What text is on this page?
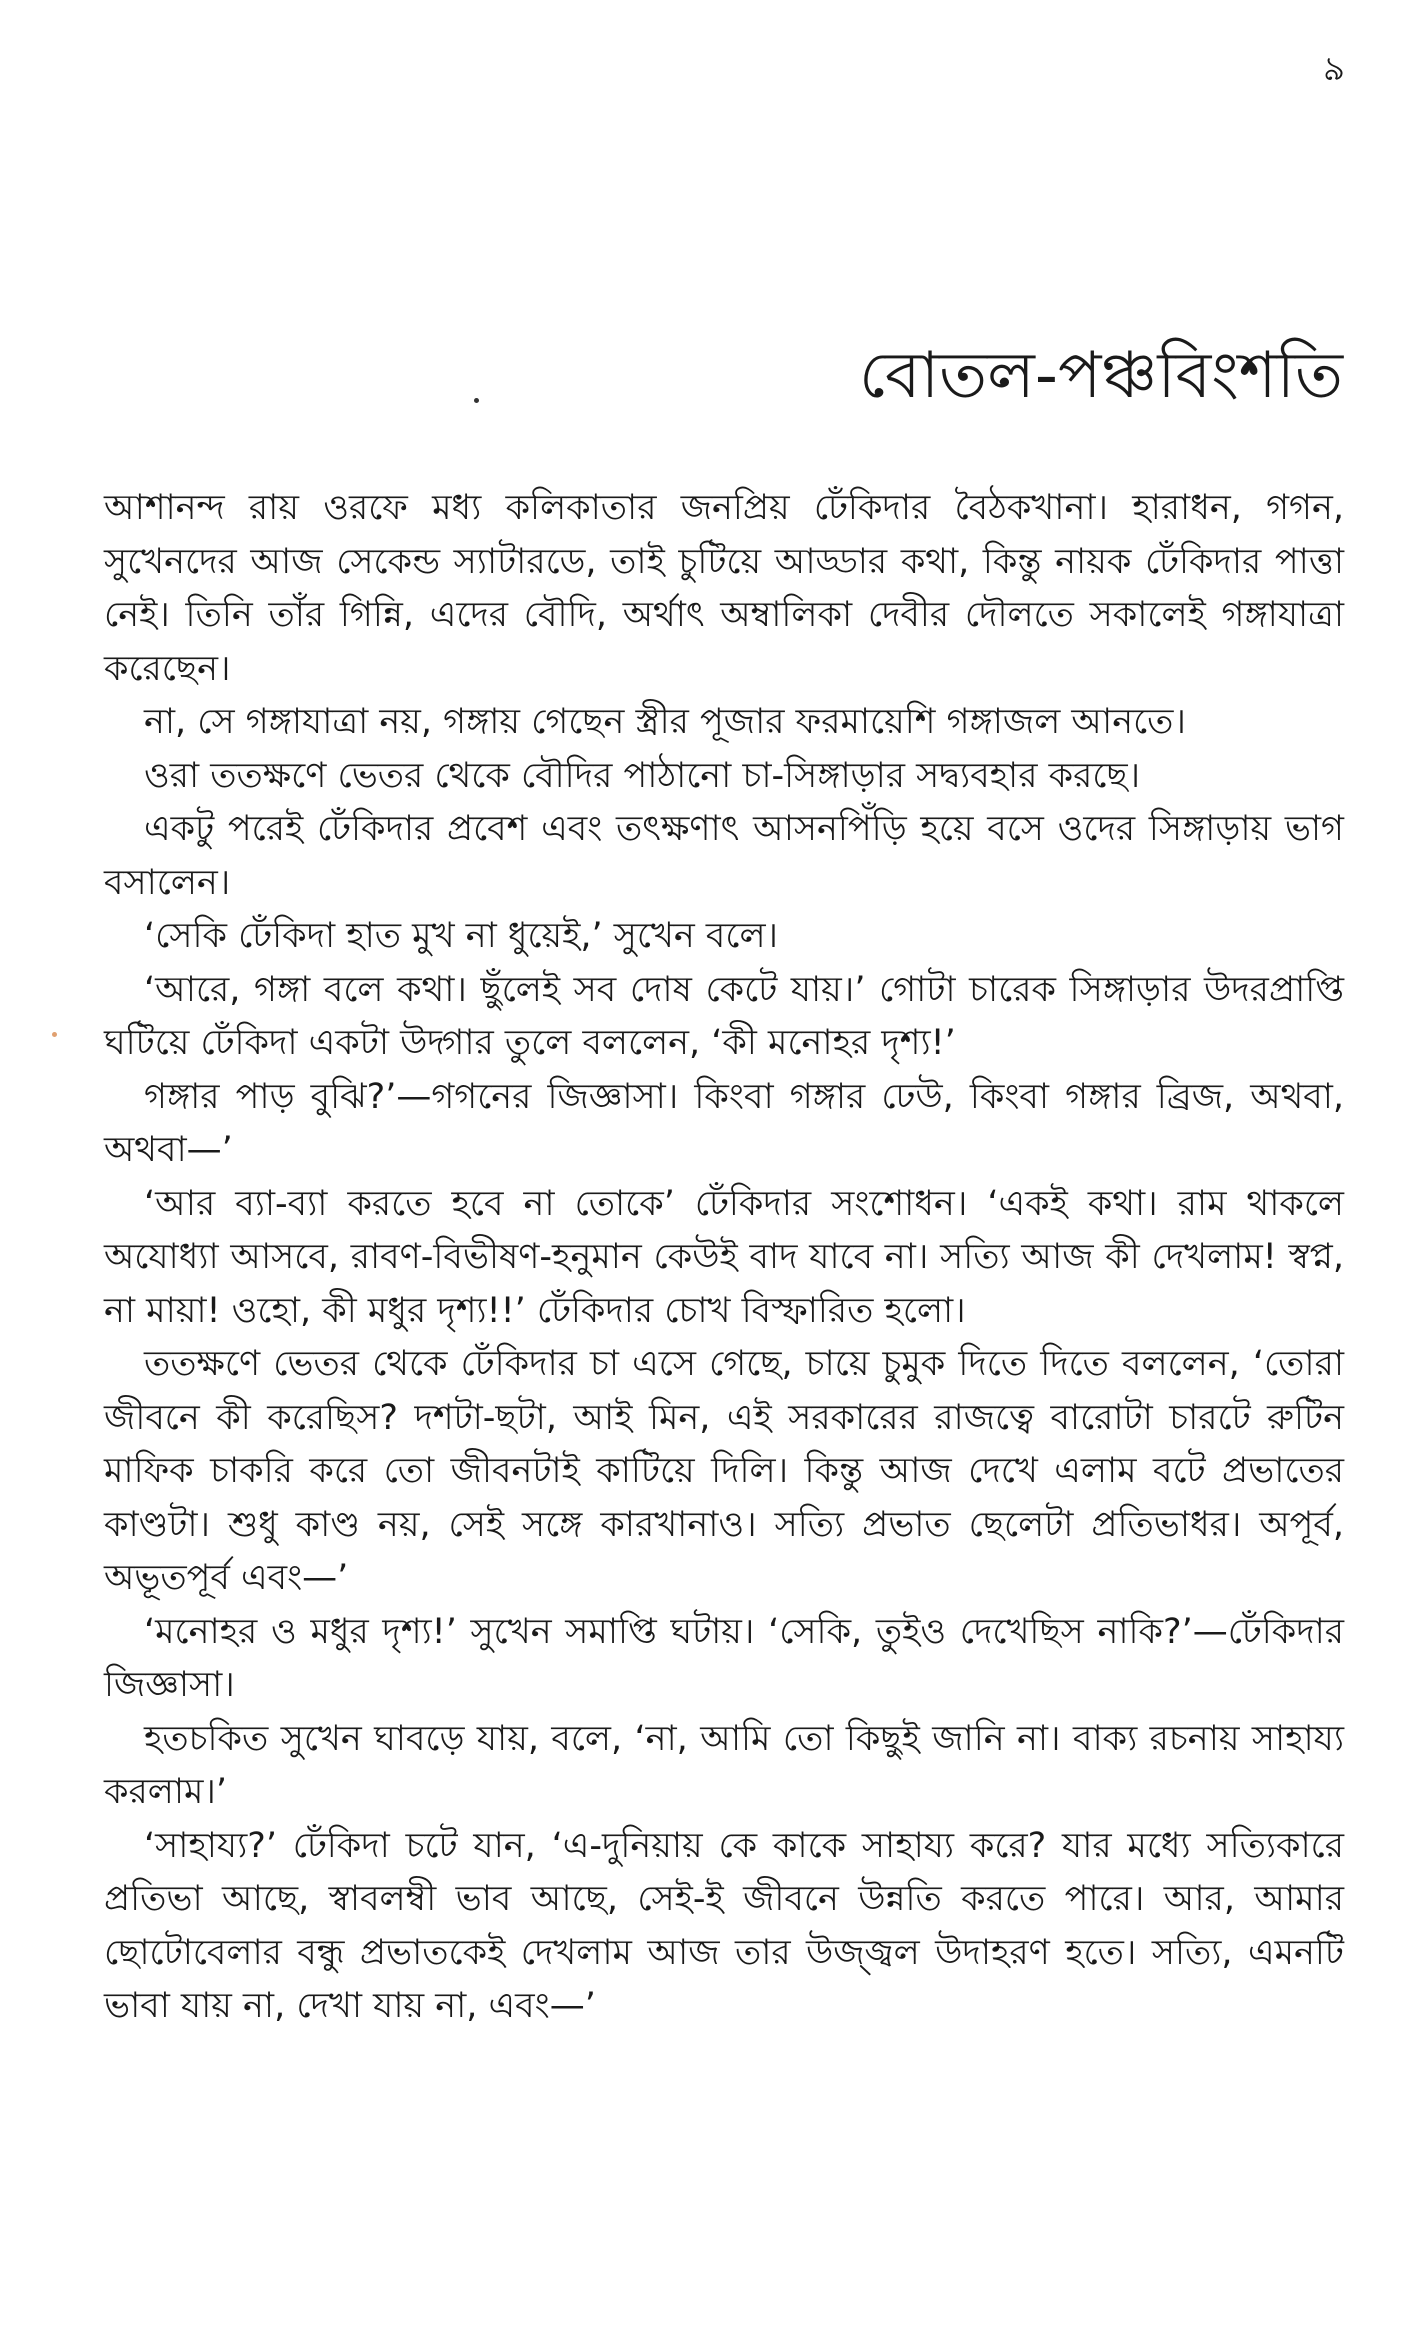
৯
বোতল-পঞ্চবিংশতি

আশানন্দ রায় ওরফে মধ্য কলিকাতার জনপ্রিয় ঢেঁকিদার বৈঠকখানা। হারাধন, গগন, সুখেনদের আজ সেকেন্ড স্যাটারডে, তাই চুটিয়ে আড্ডার কথা, কিন্তু নায়ক ঢেঁকিদার পাত্তা নেই। তিনি তাঁর গিন্নি, এদের বৌদি, অর্থাৎ অম্বালিকা দেবীর দৌলতে সকালেই গঙ্গাযাত্রা করেছেন।

না, সে গঙ্গাযাত্রা নয়, গঙ্গায় গেছেন স্ত্রীর পূজার ফরমায়েশি গঙ্গাজল আনতে।

ওরা ততক্ষণে ভেতর থেকে বৌদির পাঠানো চা-সিঙ্গাড়ার সদ্ব্যবহার করছে।

একটু পরেই ঢেঁকিদার প্রবেশ এবং তৎক্ষণাৎ আসনপিঁড়ি হয়ে বসে ওদের সিঙ্গাড়ায় ভাগ বসালেন।

‘সেকি ঢেঁকিদা হাত মুখ না ধুয়েই,’ সুখেন বলে।

‘আরে, গঙ্গা বলে কথা। ছুঁলেই সব দোষ কেটে যায়।’ গোটা চারেক সিঙ্গাড়ার উদরপ্রাপ্তি ঘটিয়ে ঢেঁকিদা একটা উদ্গার তুলে বললেন, ‘কী মনোহর দৃশ্য!’

গঙ্গার পাড় বুঝি?’—গগনের জিজ্ঞাসা। কিংবা গঙ্গার ঢেউ, কিংবা গঙ্গার ব্রিজ, অথবা, অথবা—’

‘আর ব্যা-ব্যা করতে হবে না তোকে’ ঢেঁকিদার সংশোধন। ‘একই কথা। রাম থাকলে অযোধ্যা আসবে, রাবণ-বিভীষণ-হনুমান কেউই বাদ যাবে না। সত্যি আজ কী দেখলাম! স্বপ্ন, না মায়া! ওহো, কী মধুর দৃশ্য!!’ ঢেঁকিদার চোখ বিস্ফারিত হলো।

ততক্ষণে ভেতর থেকে ঢেঁকিদার চা এসে গেছে, চায়ে চুমুক দিতে দিতে বললেন, ‘তোরা জীবনে কী করেছিস? দশটা-ছটা, আই মিন, এই সরকারের রাজত্বে বারোটা চারটে রুটিন মাফিক চাকরি করে তো জীবনটাই কাটিয়ে দিলি। কিন্তু আজ দেখে এলাম বটে প্রভাতের কাণ্ডটা। শুধু কাণ্ড নয়, সেই সঙ্গে কারখানাও। সত্যি প্রভাত ছেলেটা প্রতিভাধর। অপূর্ব, অভূতপূর্ব এবং—’

‘মনোহর ও মধুর দৃশ্য!’ সুখেন সমাপ্তি ঘটায়। ‘সেকি, তুইও দেখেছিস নাকি?’—ঢেঁকিদার জিজ্ঞাসা।

হতচকিত সুখেন ঘাবড়ে যায়, বলে, ‘না, আমি তো কিছুই জানি না। বাক্য রচনায় সাহায্য করলাম।’

‘সাহায্য?’ ঢেঁকিদা চটে যান, ‘এ-দুনিয়ায় কে কাকে সাহায্য করে? যার মধ্যে সত্যিকারে প্রতিভা আছে, স্বাবলম্বী ভাব আছে, সেই-ই জীবনে উন্নতি করতে পারে। আর, আমার ছোটোবেলার বন্ধু প্রভাতকেই দেখলাম আজ তার উজ্জ্বল উদাহরণ হতে। সত্যি, এমনটি ভাবা যায় না, দেখা যায় না, এবং—’
